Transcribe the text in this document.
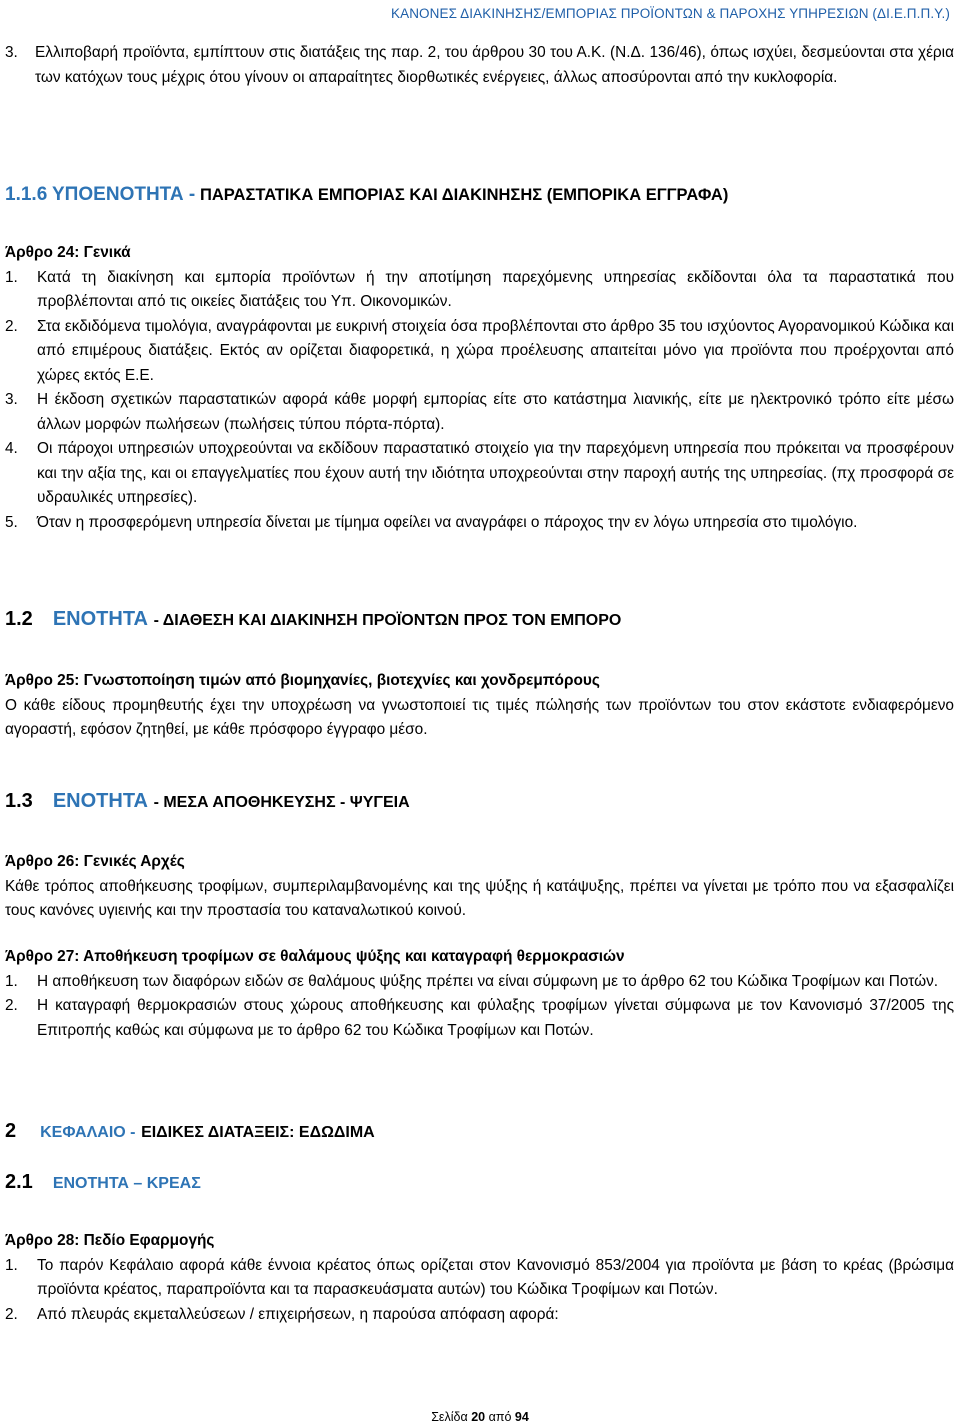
ΚΑΝΟΝΕΣ ΔΙΑΚΙΝΗΣΗΣ/ΕΜΠΟΡΙΑΣ ΠΡΟΪΟΝΤΩΝ & ΠΑΡΟΧΗΣ ΥΠΗΡΕΣΙΩΝ (ΔΙ.Ε.Π.Π.Υ.)
3.	Ελλιποβαρή προϊόντα, εμπίπτουν στις διατάξεις της παρ. 2, του άρθρου 30 του Α.Κ. (Ν.Δ. 136/46), όπως ισχύει, δεσμεύονται στα χέρια των κατόχων τους μέχρις ότου γίνουν οι απαραίτητες διορθωτικές ενέργειες, άλλως αποσύρονται από την κυκλοφορία.
1.1.6 ΥΠΟΕΝΟΤΗΤΑ - ΠΑΡΑΣΤΑΤΙΚΑ ΕΜΠΟΡΙΑΣ ΚΑΙ ΔΙΑΚΙΝΗΣΗΣ (ΕΜΠΟΡΙΚΑ ΕΓΓΡΑΦΑ)
Άρθρο 24: Γενικά
1.	Κατά τη διακίνηση και εμπορία προϊόντων ή την αποτίμηση παρεχόμενης υπηρεσίας εκδίδονται όλα τα παραστατικά που προβλέπονται από τις οικείες διατάξεις του Υπ. Οικονομικών.
2.	Στα εκδιδόμενα τιμολόγια, αναγράφονται με ευκρινή στοιχεία όσα προβλέπονται στο άρθρο 35 του ισχύοντος Αγορανομικού Κώδικα και από επιμέρους διατάξεις. Εκτός αν ορίζεται διαφορετικά, η χώρα προέλευσης απαιτείται μόνο για προϊόντα που προέρχονται από χώρες εκτός Ε.Ε.
3.	Η έκδοση σχετικών παραστατικών αφορά κάθε μορφή εμπορίας είτε στο κατάστημα λιανικής, είτε με ηλεκτρονικό τρόπο είτε μέσω άλλων μορφών πωλήσεων (πωλήσεις τύπου πόρτα-πόρτα).
4.	Οι πάροχοι υπηρεσιών υποχρεούνται να εκδίδουν παραστατικό στοιχείο για την παρεχόμενη υπηρεσία που πρόκειται να προσφέρουν και την αξία της, και οι επαγγελματίες που έχουν αυτή την ιδιότητα υποχρεούνται στην παροχή αυτής της υπηρεσίας. (πχ προσφορά σε υδραυλικές υπηρεσίες).
5.	Όταν η προσφερόμενη υπηρεσία δίνεται με τίμημα οφείλει να αναγράφει ο πάροχος την εν λόγω υπηρεσία στο τιμολόγιο.
1.2 ΕΝΟΤΗΤΑ - ΔΙΑΘΕΣΗ ΚΑΙ ΔΙΑΚΙΝΗΣΗ ΠΡΟΪΟΝΤΩΝ ΠΡΟΣ ΤΟΝ ΕΜΠΟΡΟ
Άρθρο 25: Γνωστοποίηση τιμών από βιομηχανίες, βιοτεχνίες και χονδρεμπόρους
Ο κάθε είδους προμηθευτής έχει την υποχρέωση να γνωστοποιεί τις τιμές πώλησής των προϊόντων του στον εκάστοτε ενδιαφερόμενο αγοραστή, εφόσον ζητηθεί, με κάθε πρόσφορο έγγραφο μέσο.
1.3 ΕΝΟΤΗΤΑ - ΜΕΣΑ ΑΠΟΘΗΚΕΥΣΗΣ - ΨΥΓΕΙΑ
Άρθρο 26: Γενικές Αρχές
Κάθε τρόπος αποθήκευσης τροφίμων, συμπεριλαμβανομένης και της ψύξης ή κατάψυξης, πρέπει να γίνεται με τρόπο που να εξασφαλίζει τους κανόνες υγιεινής και την προστασία του καταναλωτικού κοινού.
Άρθρο 27: Αποθήκευση τροφίμων σε θαλάμους ψύξης και καταγραφή θερμοκρασιών
1.	Η αποθήκευση των διαφόρων ειδών σε θαλάμους ψύξης πρέπει να είναι σύμφωνη με το άρθρο 62 του Κώδικα Τροφίμων και Ποτών.
2.	Η καταγραφή θερμοκρασιών στους χώρους αποθήκευσης και φύλαξης τροφίμων γίνεται σύμφωνα με τον Κανονισμό 37/2005 της Επιτροπής καθώς και σύμφωνα με το άρθρο 62 του Κώδικα Τροφίμων και Ποτών.
2 ΚΕΦΑΛΑΙΟ - ΕΙΔΙΚΕΣ ΔΙΑΤΑΞΕΙΣ: ΕΔΩΔΙΜΑ
2.1 ΕΝΟΤΗΤΑ – ΚΡΕΑΣ
Άρθρο 28: Πεδίο Εφαρμογής
1.	Το παρόν Κεφάλαιο αφορά κάθε έννοια κρέατος όπως ορίζεται στον Κανονισμό 853/2004 για προϊόντα με βάση το κρέας (βρώσιμα προϊόντα κρέατος, παραπροϊόντα και τα παρασκευάσματα αυτών) του Κώδικα Τροφίμων και Ποτών.
2.	Από πλευράς εκμεταλλεύσεων / επιχειρήσεων, η παρούσα απόφαση αφορά:
Σελίδα 20 από 94
